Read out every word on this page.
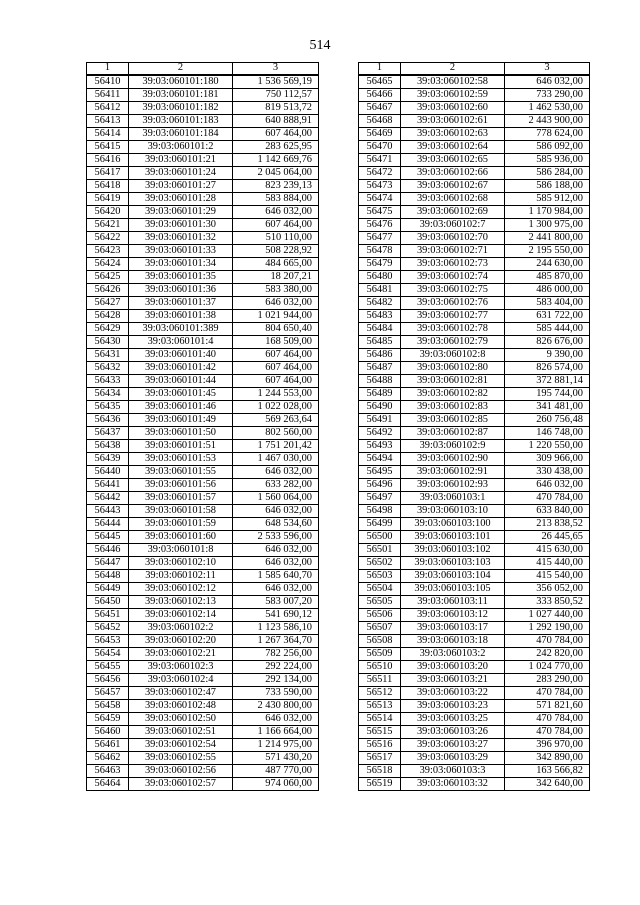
514
1	2	3
56410	39:03:060101:180	1 536 569,19
56411	39:03:060101:181	750 112,57
56412	39:03:060101:182	819 513,72
56413	39:03:060101:183	640 888,91
56414	39:03:060101:184	607 464,00
56415	39:03:060101:2	283 625,95
56416	39:03:060101:21	1 142 669,76
56417	39:03:060101:24	2 045 064,00
56418	39:03:060101:27	823 239,13
56419	39:03:060101:28	583 884,00
56420	39:03:060101:29	646 032,00
56421	39:03:060101:30	607 464,00
56422	39:03:060101:32	510 110,00
56423	39:03:060101:33	508 228,92
56424	39:03:060101:34	484 665,00
56425	39:03:060101:35	18 207,21
56426	39:03:060101:36	583 380,00
56427	39:03:060101:37	646 032,00
56428	39:03:060101:38	1 021 944,00
56429	39:03:060101:389	804 650,40
56430	39:03:060101:4	168 509,00
56431	39:03:060101:40	607 464,00
56432	39:03:060101:42	607 464,00
56433	39:03:060101:44	607 464,00
56434	39:03:060101:45	1 244 553,00
56435	39:03:060101:46	1 022 028,00
56436	39:03:060101:49	569 263,64
56437	39:03:060101:50	802 560,00
56438	39:03:060101:51	1 751 201,42
56439	39:03:060101:53	1 467 030,00
56440	39:03:060101:55	646 032,00
56441	39:03:060101:56	633 282,00
56442	39:03:060101:57	1 560 064,00
56443	39:03:060101:58	646 032,00
56444	39:03:060101:59	648 534,60
56445	39:03:060101:60	2 533 596,00
56446	39:03:060101:8	646 032,00
56447	39:03:060102:10	646 032,00
56448	39:03:060102:11	1 585 640,70
56449	39:03:060102:12	646 032,00
56450	39:03:060102:13	583 007,20
56451	39:03:060102:14	541 690,12
56452	39:03:060102:2	1 123 586,10
56453	39:03:060102:20	1 267 364,70
56454	39:03:060102:21	782 256,00
56455	39:03:060102:3	292 224,00
56456	39:03:060102:4	292 134,00
56457	39:03:060102:47	733 590,00
56458	39:03:060102:48	2 430 800,00
56459	39:03:060102:50	646 032,00
56460	39:03:060102:51	1 166 664,00
56461	39:03:060102:54	1 214 975,00
56462	39:03:060102:55	571 430,20
56463	39:03:060102:56	487 770,00
56464	39:03:060102:57	974 060,00
1	2	3
56465	39:03:060102:58	646 032,00
56466	39:03:060102:59	733 290,00
56467	39:03:060102:60	1 462 530,00
56468	39:03:060102:61	2 443 900,00
56469	39:03:060102:63	778 624,00
56470	39:03:060102:64	586 092,00
56471	39:03:060102:65	585 936,00
56472	39:03:060102:66	586 284,00
56473	39:03:060102:67	586 188,00
56474	39:03:060102:68	585 912,00
56475	39:03:060102:69	1 170 984,00
56476	39:03:060102:7	1 300 975,00
56477	39:03:060102:70	2 441 800,00
56478	39:03:060102:71	2 195 550,00
56479	39:03:060102:73	244 630,00
56480	39:03:060102:74	485 870,00
56481	39:03:060102:75	486 000,00
56482	39:03:060102:76	583 404,00
56483	39:03:060102:77	631 722,00
56484	39:03:060102:78	585 444,00
56485	39:03:060102:79	826 676,00
56486	39:03:060102:8	9 390,00
56487	39:03:060102:80	826 574,00
56488	39:03:060102:81	372 881,14
56489	39:03:060102:82	195 744,00
56490	39:03:060102:83	341 481,00
56491	39:03:060102:85	260 756,48
56492	39:03:060102:87	146 748,00
56493	39:03:060102:9	1 220 550,00
56494	39:03:060102:90	309 966,00
56495	39:03:060102:91	330 438,00
56496	39:03:060102:93	646 032,00
56497	39:03:060103:1	470 784,00
56498	39:03:060103:10	633 840,00
56499	39:03:060103:100	213 838,52
56500	39:03:060103:101	26 445,65
56501	39:03:060103:102	415 630,00
56502	39:03:060103:103	415 440,00
56503	39:03:060103:104	415 540,00
56504	39:03:060103:105	356 052,00
56505	39:03:060103:11	333 850,52
56506	39:03:060103:12	1 027 440,00
56507	39:03:060103:17	1 292 190,00
56508	39:03:060103:18	470 784,00
56509	39:03:060103:2	242 820,00
56510	39:03:060103:20	1 024 770,00
56511	39:03:060103:21	283 290,00
56512	39:03:060103:22	470 784,00
56513	39:03:060103:23	571 821,60
56514	39:03:060103:25	470 784,00
56515	39:03:060103:26	470 784,00
56516	39:03:060103:27	396 970,00
56517	39:03:060103:29	342 890,00
56518	39:03:060103:3	163 566,82
56519	39:03:060103:32	342 640,00
